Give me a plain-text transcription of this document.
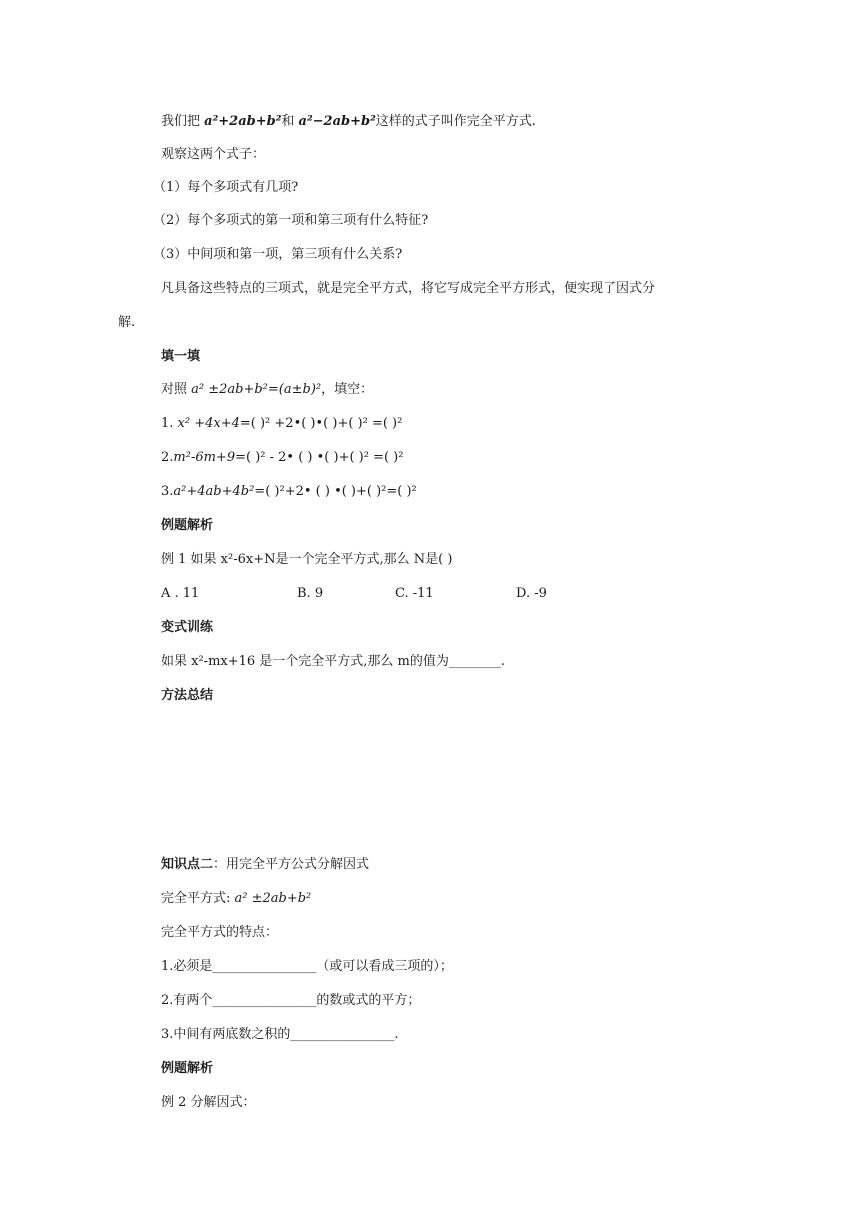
我们把 a²+2ab+b²和 a²−2ab+b²这样的式子叫作完全平方式.
观察这两个式子：
（1）每个多项式有几项?
（2）每个多项式的第一项和第三项有什么特征?
（3）中间项和第一项，第三项有什么关系?
凡具备这些特点的三项式，就是完全平方式，将它写成完全平方形式，便实现了因式分
解.
填一填
对照 a² ±2ab+b²=(a±b)²，填空：
1. x² +4x+4=( )² +2•( )•( )+( )² =( )²
2.m²-6m+9=( )² - 2• ( ) •( )+( )² =( )²
3.a²+4ab+4b²=( )²+2• ( ) •( )+( )²=( )²
例题解析
例 1 如果 x²-6x+N是一个完全平方式,那么 N是( )
A . 11	B. 9	C. -11	D. -9
变式训练
如果 x²-mx+16 是一个完全平方式,那么 m的值为________.
方法总结
知识点二：用完全平方公式分解因式
完全平方式: a² ±2ab+b²
完全平方式的特点：
1.必须是________________（或可以看成三项的）；
2.有两个________________的数或式的平方；
3.中间有两底数之积的________________.
例题解析
例 2 分解因式：
